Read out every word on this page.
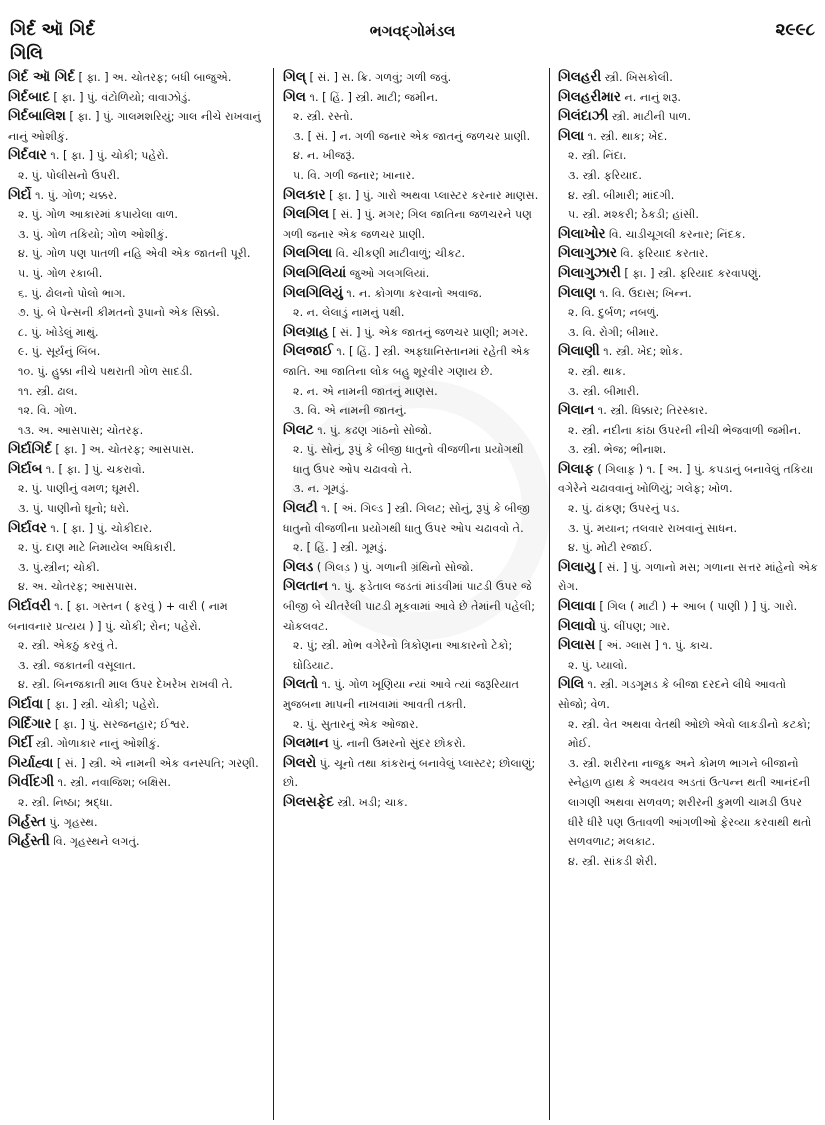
ગિર્દ ઑ ગિર્દ
ગિલિ
ભગવદ્ગોમંડલ	૨૯૯૮

ગિર્દ ઑ ગિર્દ [ ફા. ] અ. ચોતરફ; બધી બાજુએ.

ગિર્દબાદ [ ફા. ] પું. વંટોળિયો; વાવાઝોડું.

ગિર્દબાલિશ [ ફા. ] પું. ગાલમશરિયું; ગાલ નીચે રાખવાનું નાનું ઓશીકું.

ગિર્દવાર ૧. [ ફા. ] પું. ચોકી; પહેરો.

૨. પું. પોલીસનો ઉપરી.

ગિર્દો ૧. પું. ગોળ; ચક્કર.

૨. પું. ગોળ આકારમાં કપાયેલા વાળ.

૩. પું. ગોળ તકિયો; ગોળ ઓશીકું.

૪. પું. ગોળ પણ પાતળી નહિ એવી એક જાતની પૂરી.

૫. પું. ગોળ રકાબી.

૬. પું. ઢોલનો પોલો ભાગ.

૭. પું. બે પેન્સની કીમતનો રૂપાનો એક સિક્કો.

૮. પું. ખોડેલું માથું.

૯. પું. સૂર્યનું બિંબ.

૧૦. પું. હુક્કા નીચે પથરાતી ગોળ સાદડી.

૧૧. સ્ત્રી. ઢાલ.

૧૨. વિ. ગોળ.

૧૩. અ. આસપાસ; ચોતરફ.

ગિર્દાગિર્દ [ ફા. ] અ. ચોતરફ; આસપાસ.

ગિર્દાબ ૧. [ ફા. ] પું. ચકરાવો.

૨. પું. પાણીનું વમળ; ઘૂમરી.

૩. પું. પાણીનો ઘૂનો; ધરો.

ગિર્દાવર ૧. [ ફા. ] પું. ચોકીદાર.

૨. પું. દાણ માટે નિમાયેલ અધિકારી.

૩. પું.સ્ત્રીન; ચોકી.

૪. અ. ચોતરફ; આસપાસ.

ગિર્દાવરી ૧. [ ફા. ગસ્તન ( ફરવું ) + વારી ( નામ બનાવનાર પ્રત્યય ) ] પું. ચોકી; રોન; પહેરો.

૨. સ્ત્રી. એકઠું કરવું તે.

૩. સ્ત્રી. જકાતની વસૂલાત.

૪. સ્ત્રી. બિનજકાતી માલ ઉપર દેખરેખ રાખવી તે.

ગિર્દાવા [ ફા. ] સ્ત્રી. ચોકી; પહેરો.

ગિર્દિગાર [ ફા. ] પું. સરજનહાર; ઈશ્વર.

ગિર્દી સ્ત્રી. ગોળાકાર નાનું ઓશીકું.

ગિર્યાહ્વા [ સં. ] સ્ત્રી. એ નામની એક વનસ્પતિ; ગરણી.

ગિર્વીદગી ૧. સ્ત્રી. નવાજિશ; બક્ષિસ.

૨. સ્ત્રી. નિષ્ઠા; શ્રદ્ધા.

ગિર્હસ્ત પું. ગૃહસ્થ.

ગિર્હસ્તી વિ. ગૃહસ્થને લગતું.

ગિલ્ [ સં. ] સ. ક્રિ. ગળવું; ગળી જવું.

ગિલ ૧. [ હિં. ] સ્ત્રી. માટી; જમીન.

૨. સ્ત્રી. રસ્તો.

૩. [ સં. ] ન. ગળી જનાર એક જાતનું જળચર પ્રાણી.

૪. ન. ખીજરૂં.

૫. વિ. ગળી જનાર; ખાનાર.

ગિલકાર [ ફા. ] પું. ગારો અથવા પ્લાસ્ટર કરનાર માણસ.

ગિલગિલ [ સં. ] પું. મગર; ગિલ જાતિના જળચરને પણ ગળી જનાર એક જળચર પ્રાણી.

ગિલગિલા વિ. ચીકણી માટીવાળું; ચીકટ.

ગિલગિલિયાં જુઓ ગલગલિયાં.

ગિલગિલિયું ૧. ન. કોગળા કરવાનો અવાજ.

૨. ન. લેલાડું નામનું પક્ષી.

ગિલગ્રાહ [ સં. ] પું. એક જાતનું જળચર પ્રાણી; મગર.

ગિલજાઈ ૧. [ હિં. ] સ્ત્રી. અફઘાનિસ્તાનમાં રહેતી એક જાતિ. આ જાતિના લોક બહુ શૂરવીર ગણાય છે.

૨. ન. એ નામની જાતનું માણસ.

૩. વિ. એ નામની જાતનું.

ગિલટ ૧. પું. કઢણ ગાંઠનો સોજો.

૨. પું. સોનું, રૂપું કે બીજી ધાતુનો વીજળીના પ્રયોગથી ધાતુ ઉપર ઓપ ચઢાવવો તે.

૩. ન. ગૂમડું.

ગિલટી ૧. [ અં. ગિલ્ડ ] સ્ત્રી. ગિલટ; સોનું, રૂપું કે બીજી ધાતુનો વીજળીના પ્રયોગથી ધાતુ ઉપર ઓપ ચઢાવવો તે.

૨. [ હિં. ] સ્ત્રી. ગૂમડું.

ગિલડ ( ગિલડ઼ ) પું. ગળાની ગ્રંથિનો સોજો.

ગિલતાન ૧. પું. ફડેતાલ જડતાં માંડવીમાં પાટડી ઉપર જે બીજી બે ચીતરેલી પાટડી મૂકવામાં આવે છે તેમાંની પહેલી; ચોકલવટ.

૨. પું; સ્ત્રી. મોભ વગેરેનો ત્રિકોણના આકારનો ટેકો; ઘોડિયાટ.

ગિલતો ૧. પું. ગોળ ખૂણિયા ન્યાં આવે ત્યાં જરૂરિયાત મુજબના માપની નાખવામાં આવતી તક્તી.

૨. પું. સુતારનું એક ઓજાર.

ગિલમાન પું. નાની ઉમરનો સુંદર છોકરો.

ગિલરો પું. ચૂનો તથા કાંકરાનું બનાવેલું પ્લાસ્ટર; છોલાણું; છો.

ગિલસફેદ સ્ત્રી. ખડી; ચાક.

ગિલહરી સ્ત્રી. ખિસકોલી.

ગિલહરીમાર ન. નાનું શરૂ.

ગિલંદાઝી સ્ત્રી. માટીની પાળ.

ગિલા ૧. સ્ત્રી. થાક; ખેદ.

૨. સ્ત્રી. નિંદા.

૩. સ્ત્રી. ફરિયાદ.

૪. સ્ત્રી. બીમારી; માંદગી.

૫. સ્ત્રી. મશ્કરી; ઠેકડી; હાંસી.

ગિલાખોર વિ. ચાડીચૂગલી કરનાર; નિંદક.

ગિલાગુઝાર વિ. ફરિયાદ કરતાર.

ગિલાગુઝારી [ ફા. ] સ્ત્રી. ફરિયાદ કરવાપણું.

ગિલાણ ૧. વિ. ઉદાસ; ખિન્ન.

૨. વિ. દુર્બળ; નબળું.

૩. વિ. રોગી; બીમાર.

ગિલાણી ૧. સ્ત્રી. ખેદ; શોક.

૨. સ્ત્રી. થાક.

૩. સ્ત્રી. બીમારી.

ગિલાન ૧. સ્ત્રી. ધિક્કાર; તિરસ્કાર.

૨. સ્ત્રી. નદીના કાંઠા ઉપરની નીચી ભેજવાળી જમીન.

૩. સ્ત્રી. ભેજ; ભીનાશ.

ગિલાફ ( ગિલાફ઼ ) ૧. [ અ. ] પું. કપડાનું બનાવેલું તકિયા વગેરેને ચઢાવવાનું ખોળિયું; ગલેફ; ખોળ.

૨. પું. ઢાંકણ; ઉપરનું પડ.

૩. પું. મયાન; તલવાર રાખવાનું સાધન.

૪. પું. મોટી રજાઈ.

ગિલાયુ [ સં. ] પું. ગળાનો મસ; ગળાના સત્તર માંહેનો એક રોગ.

ગિલાવા [ ગિલ ( માટી ) + આબ ( પાણી ) ] પું. ગારો.

ગિલાવો પું. લીંપણ; ગાર.

ગિલાસ [ અં. ગ્લાસ ] ૧. પું. કાચ.

૨. પું. પ્યાલો.

ગિલિ ૧. સ્ત્રી. ગડગૂમડ કે બીજા દરદને લીધે આવતો સોજો; વેળ.

૨. સ્ત્રી. વેત અથવા વેતથી ઓછો એવો લાકડીનો કટકો; મોઈ.

૩. સ્ત્રી. શરીરના નાજુક અને કોમળ ભાગને બીજાનો સ્નેહાળ હાથ કે અવયવ અડતાં ઉત્પન્ન થતી આનંદની લાગણી અથવા સળવળ; શરીરની કુમળી ચામડી ઉપર ધીરે ધીરે પણ ઉતાવળી આંગળીઓ ફેરવ્યા કરવાથી થતો સળવળાટ; મલકાટ.

૪. સ્ત્રી. સાંકડી શેરી.
